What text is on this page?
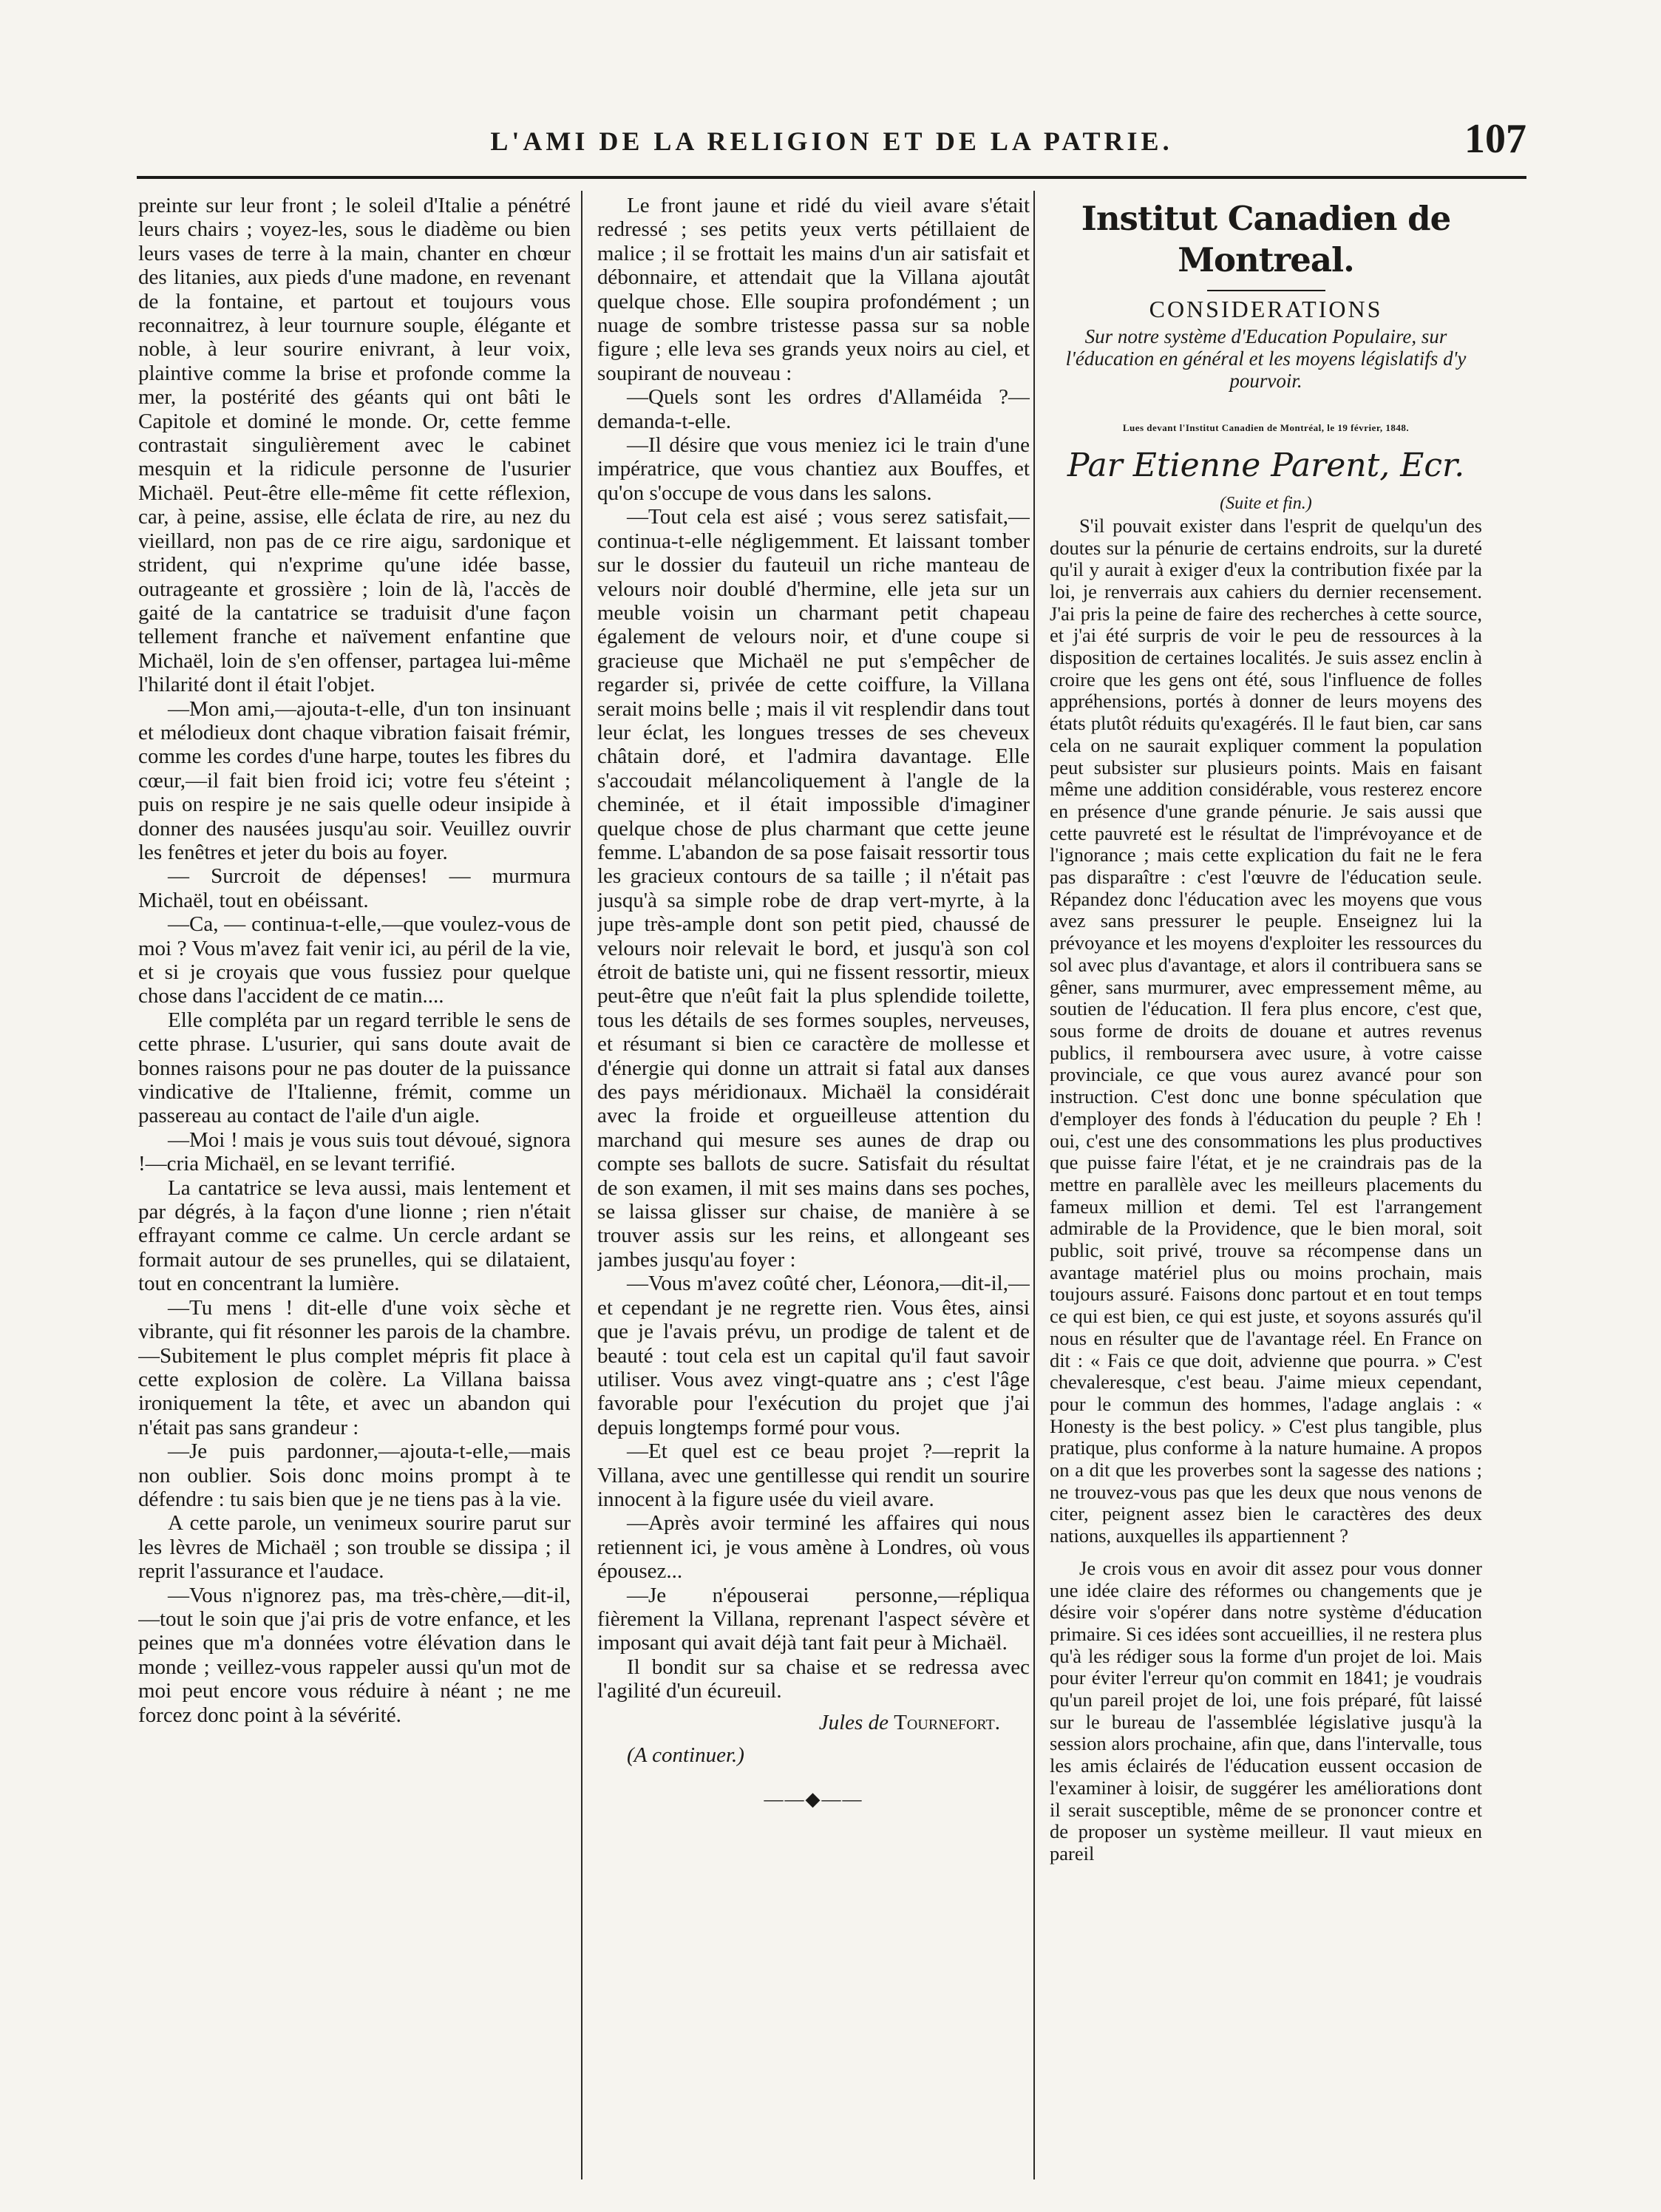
L'AMI DE LA RELIGION ET DE LA PATRIE.	107

preinte sur leur front ; le soleil d'Italie a pénétré leurs chairs ; voyez-les, sous le diadème ou bien leurs vases de terre à la main, chanter en chœur des litanies, aux pieds d'une madone, en revenant de la fontaine, et partout et toujours vous reconnaitrez, à leur tournure souple, élégante et noble, à leur sourire enivrant, à leur voix, plaintive comme la brise et profonde comme la mer, la postérité des géants qui ont bâti le Capitole et dominé le monde. Or, cette femme contrastait singulièrement avec le cabinet mesquin et la ridicule personne de l'usurier Michaël. Peut-être elle-même fit cette réflexion, car, à peine, assise, elle éclata de rire, au nez du vieillard, non pas de ce rire aigu, sardonique et strident, qui n'exprime qu'une idée basse, outrageante et grossière ; loin de là, l'accès de gaité de la cantatrice se traduisit d'une façon tellement franche et naïvement enfantine que Michaël, loin de s'en offenser, partagea lui-même l'hilarité dont il était l'objet.

—Mon ami,—ajouta-t-elle, d'un ton insinuant et mélodieux dont chaque vibration faisait frémir, comme les cordes d'une harpe, toutes les fibres du cœur,—il fait bien froid ici; votre feu s'éteint ; puis on respire je ne sais quelle odeur insipide à donner des nausées jusqu'au soir. Veuillez ouvrir les fenêtres et jeter du bois au foyer.

— Surcroit de dépenses! — murmura Michaël, tout en obéissant.

—Ca, — continua-t-elle,—que voulez-vous de moi ? Vous m'avez fait venir ici, au péril de la vie, et si je croyais que vous fussiez pour quelque chose dans l'accident de ce matin....

Elle compléta par un regard terrible le sens de cette phrase. L'usurier, qui sans doute avait de bonnes raisons pour ne pas douter de la puissance vindicative de l'Italienne, frémit, comme un passereau au contact de l'aile d'un aigle.

—Moi ! mais je vous suis tout dévoué, signora !—cria Michaël, en se levant terrifié.

La cantatrice se leva aussi, mais lentement et par dégrés, à la façon d'une lionne ; rien n'était effrayant comme ce calme. Un cercle ardant se formait autour de ses prunelles, qui se dilataient, tout en concentrant la lumière.

—Tu mens ! dit-elle d'une voix sèche et vibrante, qui fit résonner les parois de la chambre.—Subitement le plus complet mépris fit place à cette explosion de colère. La Villana baissa ironiquement la tête, et avec un abandon qui n'était pas sans grandeur :

—Je puis pardonner,—ajouta-t-elle,—mais non oublier. Sois donc moins prompt à te défendre : tu sais bien que je ne tiens pas à la vie.

A cette parole, un venimeux sourire parut sur les lèvres de Michaël ; son trouble se dissipa ; il reprit l'assurance et l'audace.

—Vous n'ignorez pas, ma très-chère,—dit-il,—tout le soin que j'ai pris de votre enfance, et les peines que m'a données votre élévation dans le monde ; veillez-vous rappeler aussi qu'un mot de moi peut encore vous réduire à néant ; ne me forcez donc point à la sévérité.

Le front jaune et ridé du vieil avare s'était redressé ; ses petits yeux verts pétillaient de malice ; il se frottait les mains d'un air satisfait et débonnaire, et attendait que la Villana ajoutât quelque chose. Elle soupira profondément ; un nuage de sombre tristesse passa sur sa noble figure ; elle leva ses grands yeux noirs au ciel, et soupirant de nouveau :

—Quels sont les ordres d'Allaméida ?—demanda-t-elle.

—Il désire que vous meniez ici le train d'une impératrice, que vous chantiez aux Bouffes, et qu'on s'occupe de vous dans les salons.

—Tout cela est aisé ; vous serez satisfait,— continua-t-elle négligemment. Et laissant tomber sur le dossier du fauteuil un riche manteau de velours noir doublé d'hermine, elle jeta sur un meuble voisin un charmant petit chapeau également de velours noir, et d'une coupe si gracieuse que Michaël ne put s'empêcher de regarder si, privée de cette coiffure, la Villana serait moins belle ; mais il vit resplendir dans tout leur éclat, les longues tresses de ses cheveux châtain doré, et l'admira davantage. Elle s'accoudait mélancoliquement à l'angle de la cheminée, et il était impossible d'imaginer quelque chose de plus charmant que cette jeune femme. L'abandon de sa pose faisait ressortir tous les gracieux contours de sa taille ; il n'était pas jusqu'à sa simple robe de drap vert-myrte, à la jupe très-ample dont son petit pied, chaussé de velours noir relevait le bord, et jusqu'à son col étroit de batiste uni, qui ne fissent ressortir, mieux peut-être que n'eût fait la plus splendide toilette, tous les détails de ses formes souples, nerveuses, et résumant si bien ce caractère de mollesse et d'énergie qui donne un attrait si fatal aux danses des pays méridionaux. Michaël la considérait avec la froide et orgueilleuse attention du marchand qui mesure ses aunes de drap ou compte ses ballots de sucre. Satisfait du résultat de son examen, il mit ses mains dans ses poches, se laissa glisser sur chaise, de manière à se trouver assis sur les reins, et allongeant ses jambes jusqu'au foyer :

—Vous m'avez coûté cher, Léonora,—dit-il,—et cependant je ne regrette rien. Vous êtes, ainsi que je l'avais prévu, un prodige de talent et de beauté : tout cela est un capital qu'il faut savoir utiliser. Vous avez vingt-quatre ans ; c'est l'âge favorable pour l'exécution du projet que j'ai depuis longtemps formé pour vous.

—Et quel est ce beau projet ?—reprit la Villana, avec une gentillesse qui rendit un sourire innocent à la figure usée du vieil avare.

—Après avoir terminé les affaires qui nous retiennent ici, je vous amène à Londres, où vous épousez...

—Je n'épouserai personne,—répliqua fièrement la Villana, reprenant l'aspect sévère et imposant qui avait déjà tant fait peur à Michaël.

Il bondit sur sa chaise et se redressa avec l'agilité d'un écureuil.

Jules de Tournefort.
(A continuer.)
——◆——
Institut Canadien de Montreal.
CONSIDERATIONS
Sur notre système d'Education Populaire, sur l'éducation en général et les moyens législatifs d'y pourvoir.
Lues devant l'Institut Canadien de Montréal, le 19 février, 1848.
Par Etienne Parent, Ecr.
(Suite et fin.)

S'il pouvait exister dans l'esprit de quelqu'un des doutes sur la pénurie de certains endroits, sur la dureté qu'il y aurait à exiger d'eux la contribution fixée par la loi, je renverrais aux cahiers du dernier recensement. J'ai pris la peine de faire des recherches à cette source, et j'ai été surpris de voir le peu de ressources à la disposition de certaines localités. Je suis assez enclin à croire que les gens ont été, sous l'influence de folles appréhensions, portés à donner de leurs moyens des états plutôt réduits qu'exagérés. Il le faut bien, car sans cela on ne saurait expliquer comment la population peut subsister sur plusieurs points. Mais en faisant même une addition considérable, vous resterez encore en présence d'une grande pénurie. Je sais aussi que cette pauvreté est le résultat de l'imprévoyance et de l'ignorance ; mais cette explication du fait ne le fera pas disparaître : c'est l'œuvre de l'éducation seule. Répandez donc l'éducation avec les moyens que vous avez sans pressurer le peuple. Enseignez lui la prévoyance et les moyens d'exploiter les ressources du sol avec plus d'avantage, et alors il contribuera sans se gêner, sans murmurer, avec empressement même, au soutien de l'éducation. Il fera plus encore, c'est que, sous forme de droits de douane et autres revenus publics, il remboursera avec usure, à votre caisse provinciale, ce que vous aurez avancé pour son instruction. C'est donc une bonne spéculation que d'employer des fonds à l'éducation du peuple ? Eh ! oui, c'est une des consommations les plus productives que puisse faire l'état, et je ne craindrais pas de la mettre en parallèle avec les meilleurs placements du fameux million et demi. Tel est l'arrangement admirable de la Providence, que le bien moral, soit public, soit privé, trouve sa récompense dans un avantage matériel plus ou moins prochain, mais toujours assuré. Faisons donc partout et en tout temps ce qui est bien, ce qui est juste, et soyons assurés qu'il nous en résulter que de l'avantage réel. En France on dit : « Fais ce que doit, advienne que pourra. » C'est chevaleresque, c'est beau. J'aime mieux cependant, pour le commun des hommes, l'adage anglais : « Honesty is the best policy. » C'est plus tangible, plus pratique, plus conforme à la nature humaine. A propos on a dit que les proverbes sont la sagesse des nations ; ne trouvez-vous pas que les deux que nous venons de citer, peignent assez bien le caractères des deux nations, auxquelles ils appartiennent ?

Je crois vous en avoir dit assez pour vous donner une idée claire des réformes ou changements que je désire voir s'opérer dans notre système d'éducation primaire. Si ces idées sont accueillies, il ne restera plus qu'à les rédiger sous la forme d'un projet de loi. Mais pour éviter l'erreur qu'on commit en 1841; je voudrais qu'un pareil projet de loi, une fois préparé, fût laissé sur le bureau de l'assemblée législative jusqu'à la session alors prochaine, afin que, dans l'intervalle, tous les amis éclairés de l'éducation eussent occasion de l'examiner à loisir, de suggérer les améliorations dont il serait susceptible, même de se prononcer contre et de proposer un système meilleur. Il vaut mieux en pareil
